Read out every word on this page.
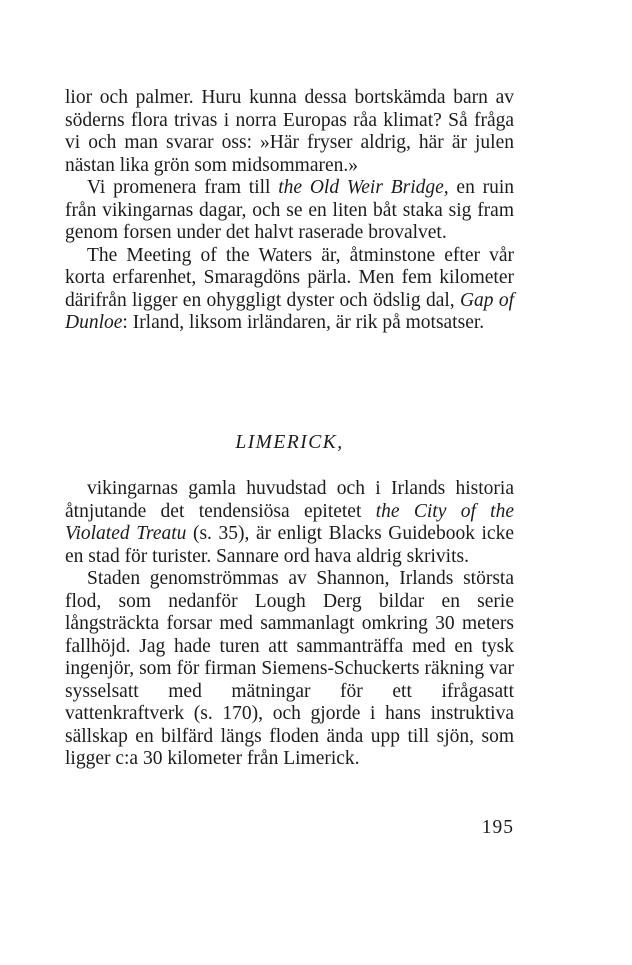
lior och palmer. Huru kunna dessa bortskämda barn av söderns flora trivas i norra Europas råa klimat? Så fråga vi och man svarar oss: »Här fryser aldrig, här är julen nästan lika grön som midsommaren.»

Vi promenera fram till the Old Weir Bridge, en ruin från vikingarnas dagar, och se en liten båt staka sig fram genom forsen under det halvt raserade brovalvet.

The Meeting of the Waters är, åtminstone efter vår korta erfarenhet, Smaragdöns pärla. Men fem kilometer därifrån ligger en ohyggligt dyster och ödslig dal, Gap of Dunloe: Irland, liksom irländaren, är rik på motsatser.

LIMERICK,

vikingarnas gamla huvudstad och i Irlands historia åtnjutande det tendensiösa epitetet the City of the Violated Treatu (s. 35), är enligt Blacks Guidebook icke en stad för turister. Sannare ord hava aldrig skrivits.

Staden genomströmmas av Shannon, Irlands största flod, som nedanför Lough Derg bildar en serie långsträckta forsar med sammanlagt omkring 30 meters fallhöjd. Jag hade turen att sammanträffa med en tysk ingenjör, som för firman Siemens-Schuckerts räkning var sysselsatt med mätningar för ett ifrågasatt vattenkraftverk (s. 170), och gjorde i hans instruktiva sällskap en bilfärd längs floden ända upp till sjön, som ligger c:a 30 kilometer från Limerick.

195
